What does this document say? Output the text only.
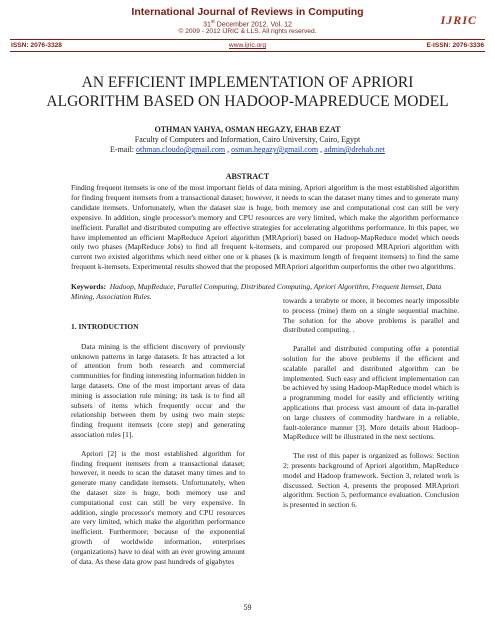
International Journal of Reviews in Computing
31st December 2012. Vol. 12
© 2009 - 2012 IJRIC & LLS. All rights reserved.
IJRIC
ISSN: 2076-3328	www.ijric.org	E-ISSN: 2076-3336
AN EFFICIENT IMPLEMENTATION OF APRIORI
ALGORITHM BASED ON HADOOP-MAPREDUCE MODEL
OTHMAN YAHYA, OSMAN HEGAZY, EHAB EZAT
Faculty of Computers and Information, Cairo University, Cairo, Egypt
E-mail: othman.cloudo@gmail.com , osman.hegazy@gmail.com , admin@drehab.net
ABSTRACT
Finding frequent itemsets is one of the most important fields of data mining. Apriori algorithm is the most established algorithm for finding frequent itemsets from a transactional dataset; however, it needs to scan the dataset many times and to generate many candidate itemsets. Unfortunately, when the dataset size is huge, both memory use and computational cost can still be very expensive. In addition, single processor's memory and CPU resources are very limited, which make the algorithm performance inefficient. Parallel and distributed computing are effective strategies for accelerating algorithms performance. In this paper, we have implemented an efficient MapReduce Apriori algorithm (MRApriori) based on Hadoop-MapReduce model which needs only two phases (MapReduce Jobs) to find all frequent k-itemsets, and compared our proposed MRApriori algorithm with current two existed algorithms which need either one or k phases (k is maximum length of frequent itemsets) to find the same frequent k-itemsets. Experimental results showed that the proposed MRApriori algorithm outperforms the other two algorithms.
Keywords: Hadoop, MapReduce, Parallel Computing, Distributed Computing, Apriori Algorithm, Frequent Itemset, Data Mining, Association Rules.
1. INTRODUCTION

Data mining is the efficient discovery of previously unknown patterns in large datasets. It has attracted a lot of attention from both research and commercial communities for finding interesting information hidden in large datasets. One of the most important areas of data mining is association rule mining; its task is to find all subsets of items which frequently occur and the relationship between them by using two main steps: finding frequent itemsets (core step) and generating association rules [1].

Apriori [2] is the most established algorithm for finding frequent itemsets from a transactional dataset; however, it needs to scan the dataset many times and to generate many candidate itemsets. Unfortunately, when the dataset size is huge, both memory use and computational cost can still be very expensive. In addition, single processor's memory and CPU resources are very limited, which make the algorithm performance inefficient. Furthermore; because of the exponential growth of worldwide information, enterprises (organizations) have to deal with an ever growing amount of data. As these data grow past hundreds of gigabytes

towards a terabyte or more, it becomes nearly impossible to process (mine) them on a single sequential machine. The solution for the above problems is parallel and distributed computing. .

Parallel and distributed computing offer a potential solution for the above problems if the efficient and scalable parallel and distributed algorithm can be implemented. Such easy and efficient implementation can be achieved by using Hadoop-MapReduce model which is a programming model for easily and efficiently writing applications that process vast amount of data in-parallel on large clusters of commodity hardware in a reliable, fault-tolerance manner [3]. More details about Hadoop-MapReduce will be illustrated in the next sections.

The rest of this paper is organized as follows: Section 2; presents background of Apriori algorithm, MapReduce model and Hadoop framework. Section 3, related work is discussed. Section 4, presents the proposed MRApriori algorithm. Section 5, performance evaluation. Conclusion is presented in section 6.

59
